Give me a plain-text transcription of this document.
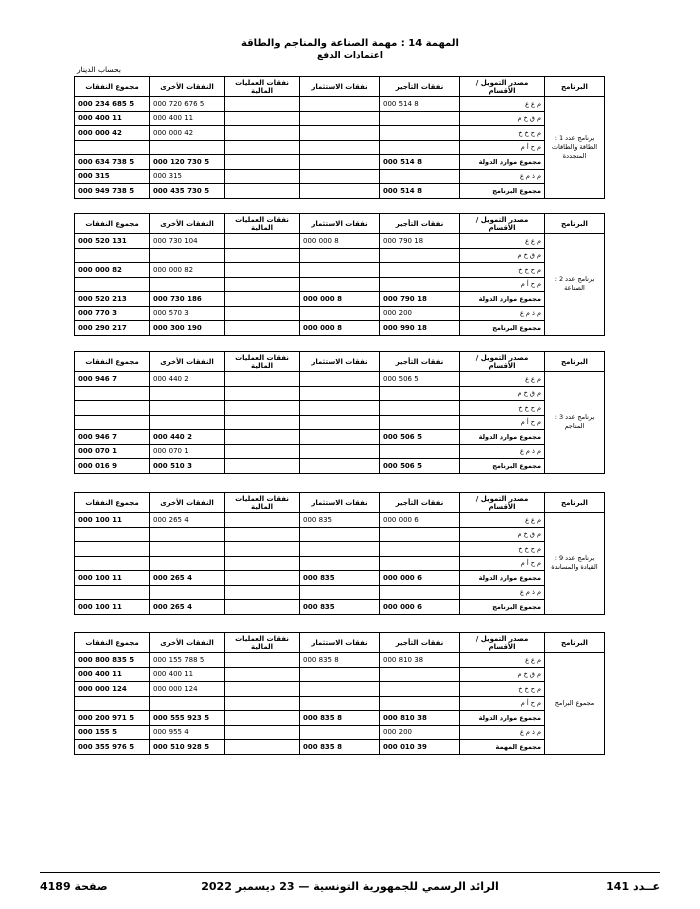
المهمة 14 : مهمة الصناعة والمناجم والطاقة
اعتمادات الدفع
بحساب الدينار
البرنامج	مصدر التمويل / الأقسام	نفقات التأجير	نفقات الاستثمار	نفقات العمليات المالية	النفقات الأخرى	مجموع النفقات
برنامج عدد 1 : الطاقة والطاقات المتجددة	م ع ع	8 514 000			5 676 720 000	5 685 234 000
	م ق خ م				11 400 000	11 400 000
	م ح خ خ				42 000 000	42 000 000
	م ح أ م					
	مجموع موارد الدولة	8 514 000			5 730 120 000	5 738 634 000
	م ذ م ع				315 000	315 000
	مجموع البرنامج	8 514 000			5 730 435 000	5 738 949 000
البرنامج	مصدر التمويل / الأقسام	نفقات التأجير	نفقات الاستثمار	نفقات العمليات المالية	النفقات الأخرى	مجموع النفقات
برنامج عدد 2 : الصناعة	م ع ع	18 790 000	8 000 000		104 730 000	131 520 000
	م ق خ م					
	م ح خ خ				82 000 000	82 000 000
	م ح أ م					
	مجموع موارد الدولة	18 790 000	8 000 000		186 730 000	213 520 000
	م ذ م ع	200 000			3 570 000	3 770 000
	مجموع البرنامج	18 990 000	8 000 000		190 300 000	217 290 000
البرنامج	مصدر التمويل / الأقسام	نفقات التأجير	نفقات الاستثمار	نفقات العمليات المالية	النفقات الأخرى	مجموع النفقات
برنامج عدد 3 : المناجم	م ع ع	5 506 000			2 440 000	7 946 000
	م ق خ م					
	م ح خ خ					
	م ح أ م					
	مجموع موارد الدولة	5 506 000			2 440 000	7 946 000
	م ذ م ع				1 070 000	1 070 000
	مجموع البرنامج	5 506 000			3 510 000	9 016 000
البرنامج	مصدر التمويل / الأقسام	نفقات التأجير	نفقات الاستثمار	نفقات العمليات المالية	النفقات الأخرى	مجموع النفقات
برنامج عدد 9 : القيادة والمساندة	م ع ع	6 000 000	835 000		4 265 000	11 100 000
	م ق خ م					
	م ح خ خ					
	م ح أ م					
	مجموع موارد الدولة	6 000 000	835 000		4 265 000	11 100 000
	م ذ م ع					
	مجموع البرنامج	6 000 000	835 000		4 265 000	11 100 000
البرنامج	مصدر التمويل / الأقسام	نفقات التأجير	نفقات الاستثمار	نفقات العمليات المالية	النفقات الأخرى	مجموع النفقات
مجموع البرامج	م ع ع	38 810 000	8 835 000		5 788 155 000	5 835 800 000
	م ق خ م				11 400 000	11 400 000
	م ح خ خ				124 000 000	124 000 000
	م ح أ م					
	مجموع موارد الدولة	38 810 000	8 835 000		5 923 555 000	5 971 200 000
	م ذ م ع	200 000			4 955 000	5 155 000
	مجموع المهمة	39 010 000	8 835 000		5 928 510 000	5 976 355 000
عــدد 141
الرائد الرسمي للجمهورية التونسية — 23 ديسمبر 2022
صفحة 4189
